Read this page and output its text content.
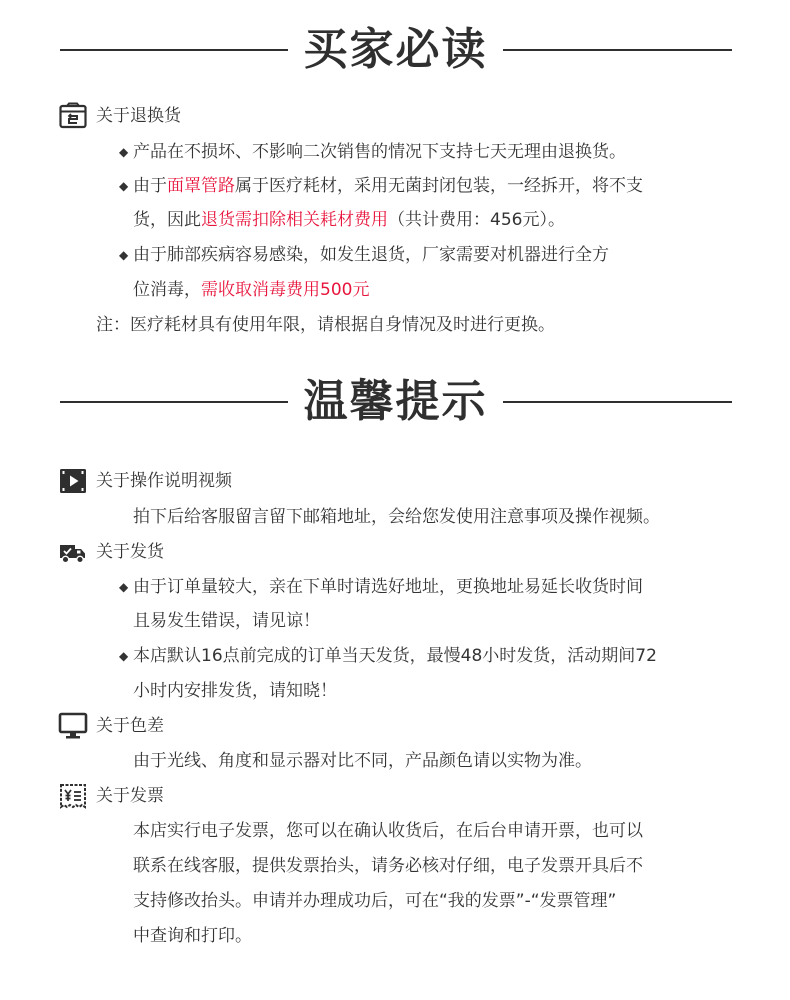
买家必读
关于退换货
◆ 产品在不损坏、不影响二次销售的情况下支持七天无理由退换货。
◆ 由于面罩管路属于医疗耗材，采用无菌封闭包装，一经拆开，将不支
货，因此退货需扣除相关耗材费用（共计费用：456元）。
◆ 由于肺部疾病容易感染，如发生退货，厂家需要对机器进行全方
位消毒，需收取消毒费用500元
注：医疗耗材具有使用年限，请根据自身情况及时进行更换。
温馨提示
关于操作说明视频
拍下后给客服留言留下邮箱地址，会给您发使用注意事项及操作视频。
关于发货
◆ 由于订单量较大，亲在下单时请选好地址，更换地址易延长收货时间
且易发生错误，请见谅！
◆ 本店默认16点前完成的订单当天发货，最慢48小时发货，活动期间72
小时内安排发货，请知晓！
关于色差
由于光线、角度和显示器对比不同，产品颜色请以实物为准。
关于发票
本店实行电子发票，您可以在确认收货后，在后台申请开票，也可以
联系在线客服，提供发票抬头，请务必核对仔细，电子发票开具后不
支持修改抬头。申请并办理成功后，可在“我的发票”-“发票管理”
中查询和打印。
